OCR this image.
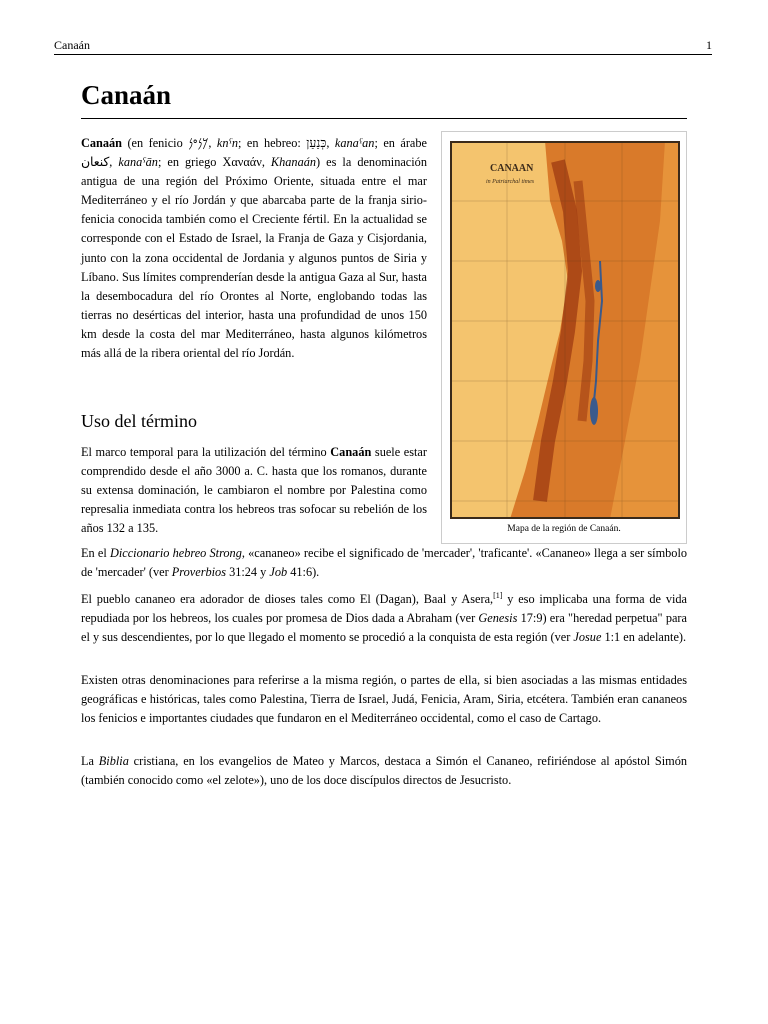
Canaán	1
Canaán

Canaán (en fenicio 𐤊𐤍𐤏𐤍, knˁn; en hebreo: כְּנַעַן, kanaˁan; en árabe كنعان, kanaˁān; en griego Χαναάν, Khanaán) es la denominación antigua de una región del Próximo Oriente, situada entre el mar Mediterráneo y el río Jordán y que abarcaba parte de la franja sirio-fenicia conocida también como el Creciente fértil. En la actualidad se corresponde con el Estado de Israel, la Franja de Gaza y Cisjordania, junto con la zona occidental de Jordania y algunos puntos de Siria y Líbano. Sus límites comprenderían desde la antigua Gaza al Sur, hasta la desembocadura del río Orontes al Norte, englobando todas las tierras no desérticas del interior, hasta una profundidad de unos 150 km desde la costa del mar Mediterráneo, hasta algunos kilómetros más allá de la ribera oriental del río Jordán.

Uso del término

El marco temporal para la utilización del término Canaán suele estar comprendido desde el año 3000 a. C. hasta que los romanos, durante su extensa dominación, le cambiaron el nombre por Palestina como represalia inmediata contra los hebreos tras sofocar su rebelión de los años 132 a 135.

En el Diccionario hebreo Strong, «cananeo» recibe el significado de 'mercader', 'traficante'. «Cananeo» llega a ser símbolo de 'mercader' (ver Proverbios 31:24 y Job 41:6).

El pueblo cananeo era adorador de dioses tales como El (Dagan), Baal y Asera,[1] y eso implicaba una forma de vida repudiada por los hebreos, los cuales por promesa de Dios dada a Abraham (ver Genesis 17:9) era "heredad perpetua" para el y sus descendientes, por lo que llegado el momento se procedió a la conquista de esta región (ver Josue 1:1 en adelante).

Existen otras denominaciones para referirse a la misma región, o partes de ella, si bien asociadas a las mismas entidades geográficas e históricas, tales como Palestina, Tierra de Israel, Judá, Fenicia, Aram, Siria, etcétera. También eran cananeos los fenicios e importantes ciudades que fundaron en el Mediterráneo occidental, como el caso de Cartago.

La Biblia cristiana, en los evangelios de Mateo y Marcos, destaca a Simón el Cananeo, refiriéndose al apóstol Simón (también conocido como «el zelote»), uno de los doce discípulos directos de Jesucristo.

CANAAN
in Patriarchal times
Mapa de la región de Canaán.
